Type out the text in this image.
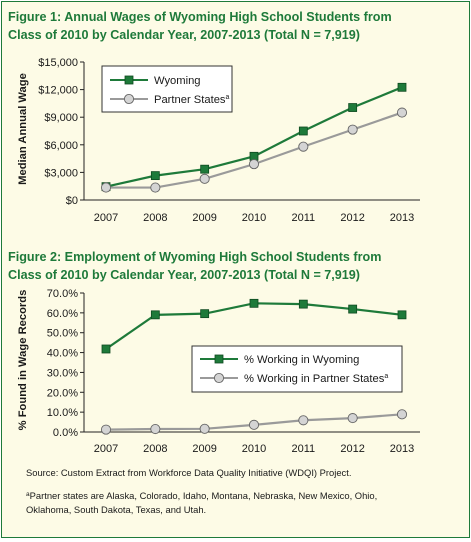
Figure 1: Annual Wages of Wyoming High School Students from
Class of 2010 by Calendar Year, 2007-2013 (Total N = 7,919)
Median Annual Wage
$0
$3,000
$6,000
$9,000
$12,000
$15,000
2007 2008 2009 2010 2011 2012 2013
Wyoming
Partner States$^a$
Figure 2: Employment of Wyoming High School Students from
Class of 2010 by Calendar Year, 2007-2013 (Total N = 7,919)
% Found in Wage Records
0.0%
10.0%
20.0%
30.0%
40.0%
50.0%
60.0%
70.0%
2007 2008 2009 2010 2011 2012 2013
% Working in Wyoming
% Working in Partner States$^a$
Source: Custom Extract from Workforce Data Quality Initiative (WDQI) Project.
$^a$Partner states are Alaska, Colorado, Idaho, Montana, Nebraska, New Mexico, Ohio,
Oklahoma, South Dakota, Texas, and Utah.
